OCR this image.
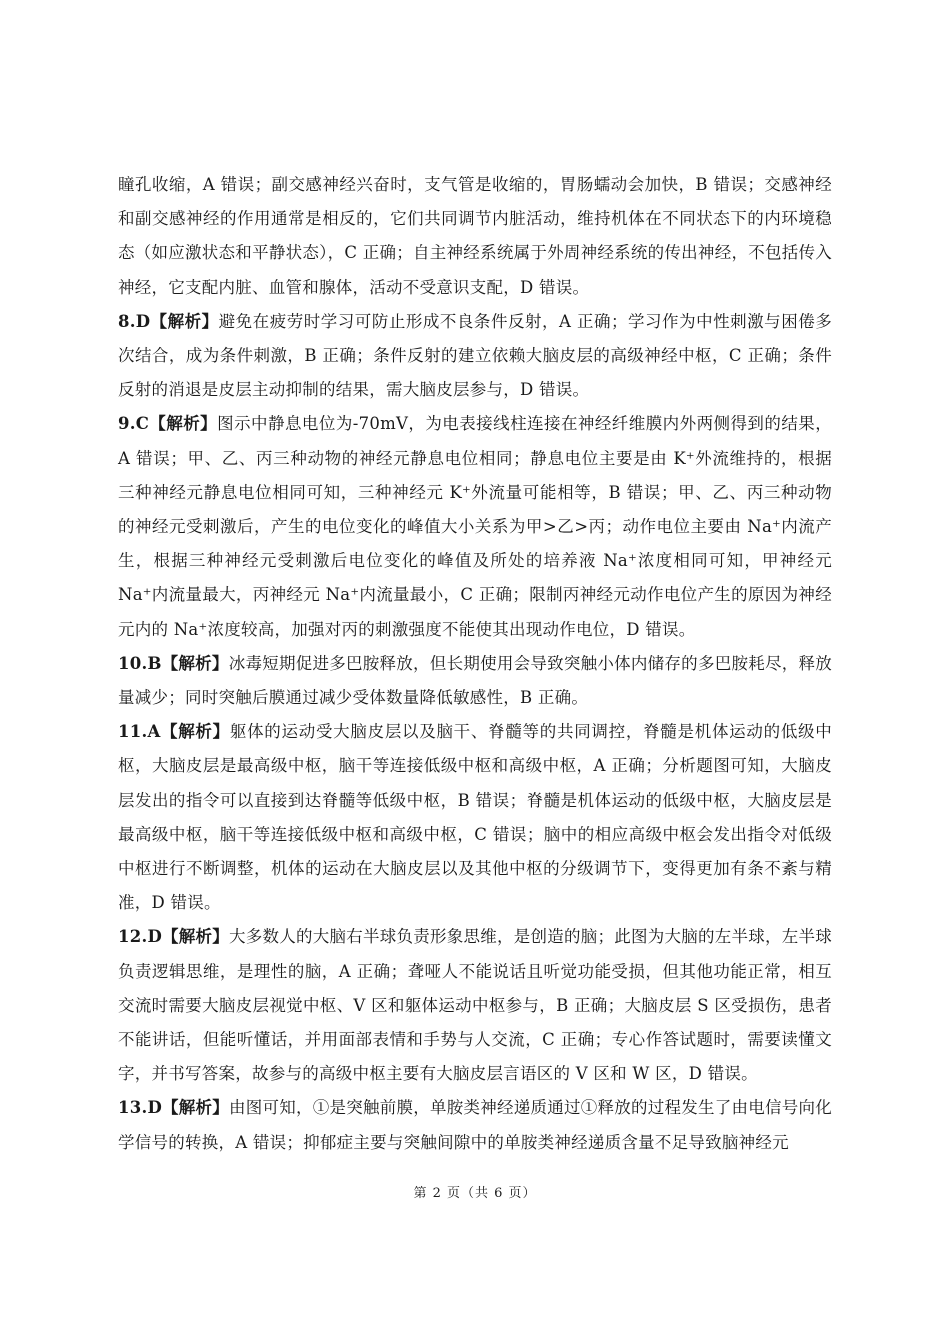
瞳孔收缩，A 错误；副交感神经兴奋时，支气管是收缩的，胃肠蠕动会加快，B 错误；交感神经和副交感神经的作用通常是相反的，它们共同调节内脏活动，维持机体在不同状态下的内环境稳态（如应激状态和平静状态），C 正确；自主神经系统属于外周神经系统的传出神经，不包括传入神经，它支配内脏、血管和腺体，活动不受意识支配，D 错误。

8.D【解析】避免在疲劳时学习可防止形成不良条件反射，A 正确；学习作为中性刺激与困倦多次结合，成为条件刺激，B 正确；条件反射的建立依赖大脑皮层的高级神经中枢，C 正确；条件反射的消退是皮层主动抑制的结果，需大脑皮层参与，D 错误。

9.C【解析】图示中静息电位为-70mV，为电表接线柱连接在神经纤维膜内外两侧得到的结果，A 错误；甲、乙、丙三种动物的神经元静息电位相同；静息电位主要是由 K⁺外流维持的，根据三种神经元静息电位相同可知，三种神经元 K⁺外流量可能相等，B 错误；甲、乙、丙三种动物的神经元受刺激后，产生的电位变化的峰值大小关系为甲>乙>丙；动作电位主要由 Na⁺内流产生，根据三种神经元受刺激后电位变化的峰值及所处的培养液 Na⁺浓度相同可知，甲神经元 Na⁺内流量最大，丙神经元 Na⁺内流量最小，C 正确；限制丙神经元动作电位产生的原因为神经元内的 Na⁺浓度较高，加强对丙的刺激强度不能使其出现动作电位，D 错误。

10.B【解析】冰毒短期促进多巴胺释放，但长期使用会导致突触小体内储存的多巴胺耗尽，释放量减少；同时突触后膜通过减少受体数量降低敏感性，B 正确。

11.A【解析】躯体的运动受大脑皮层以及脑干、脊髓等的共同调控，脊髓是机体运动的低级中枢，大脑皮层是最高级中枢，脑干等连接低级中枢和高级中枢，A 正确；分析题图可知，大脑皮层发出的指令可以直接到达脊髓等低级中枢，B 错误；脊髓是机体运动的低级中枢，大脑皮层是最高级中枢，脑干等连接低级中枢和高级中枢，C 错误；脑中的相应高级中枢会发出指令对低级中枢进行不断调整，机体的运动在大脑皮层以及其他中枢的分级调节下，变得更加有条不紊与精准，D 错误。

12.D【解析】大多数人的大脑右半球负责形象思维，是创造的脑；此图为大脑的左半球，左半球负责逻辑思维，是理性的脑，A 正确；聋哑人不能说话且听觉功能受损，但其他功能正常，相互交流时需要大脑皮层视觉中枢、V 区和躯体运动中枢参与，B 正确；大脑皮层 S 区受损伤，患者不能讲话，但能听懂话，并用面部表情和手势与人交流，C 正确；专心作答试题时，需要读懂文字，并书写答案，故参与的高级中枢主要有大脑皮层言语区的 V 区和 W 区，D 错误。

13.D【解析】由图可知，①是突触前膜，单胺类神经递质通过①释放的过程发生了由电信号向化学信号的转换，A 错误；抑郁症主要与突触间隙中的单胺类神经递质含量不足导致脑神经元

第 2 页（共 6 页）
